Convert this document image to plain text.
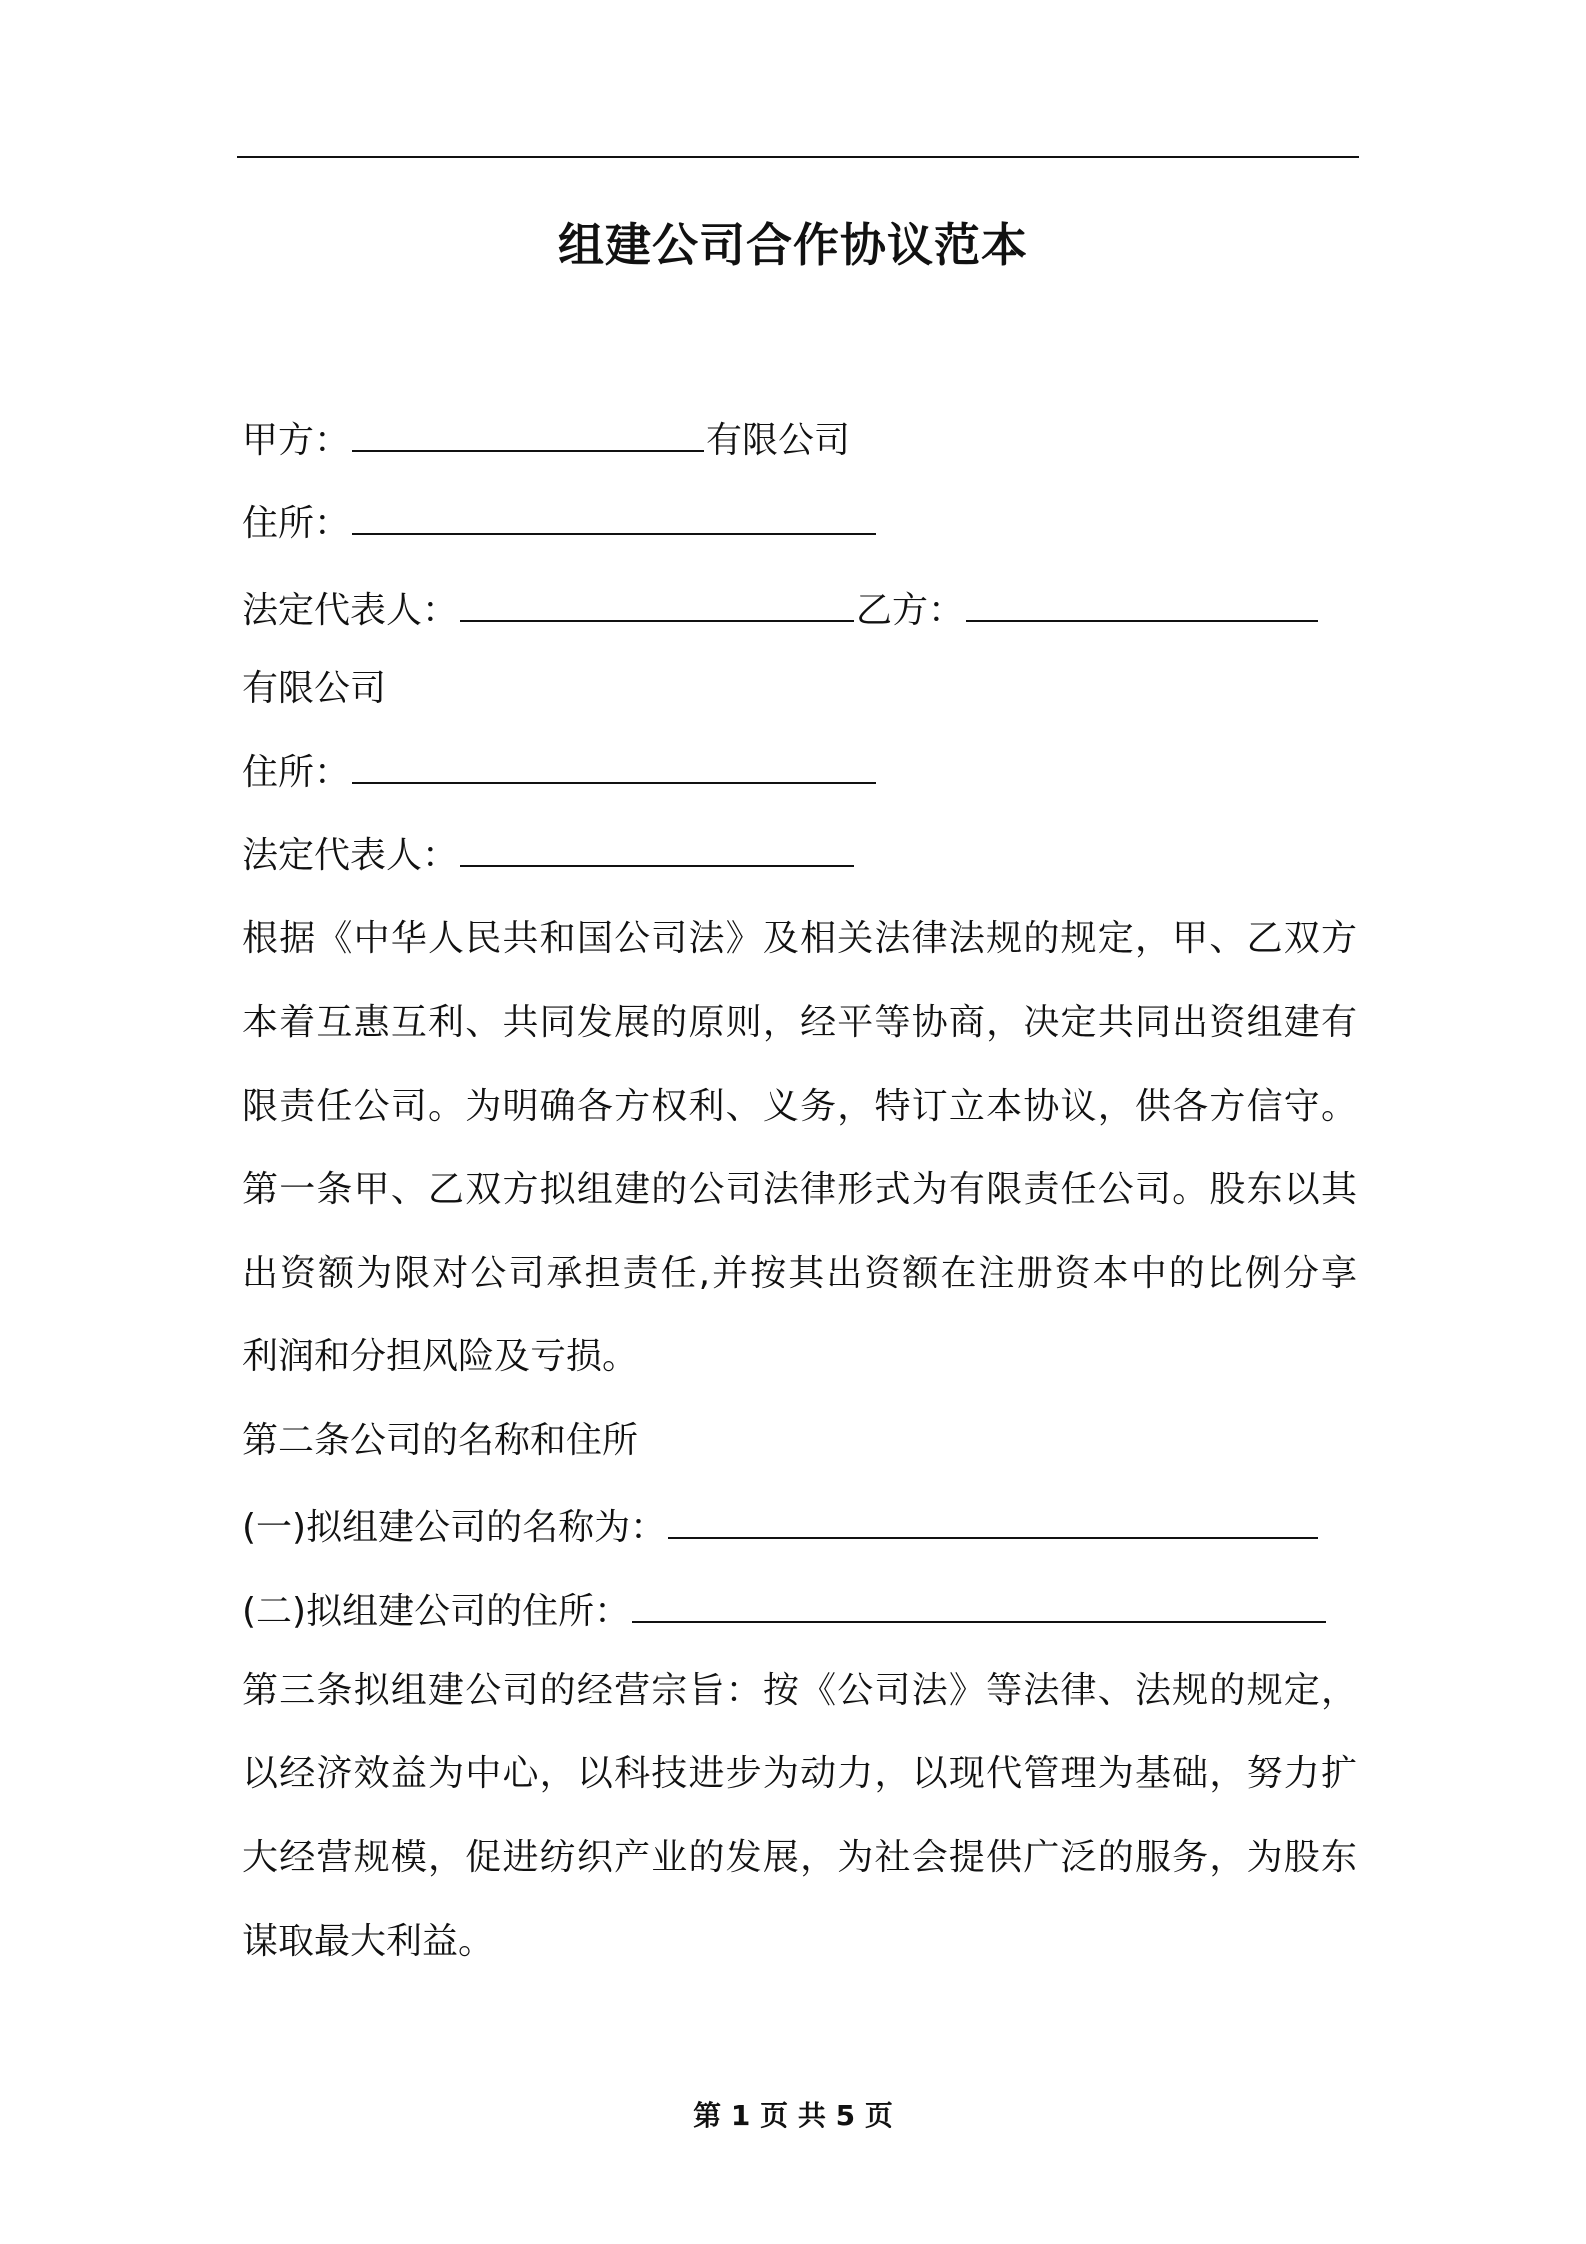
组建公司合作协议范本
甲方：	有限公司
住所：
法定代表人：	乙方：
有限公司
住所：
法定代表人：
根据《中华人民共和国公司法》及相关法律法规的规定，甲、乙双方
本着互惠互利、共同发展的原则，经平等协商，决定共同出资组建有
限责任公司。为明确各方权利、义务，特订立本协议，供各方信守。
第一条甲、乙双方拟组建的公司法律形式为有限责任公司。股东以其
出资额为限对公司承担责任,并按其出资额在注册资本中的比例分享
利润和分担风险及亏损。
第二条公司的名称和住所
(一)拟组建公司的名称为：
(二)拟组建公司的住所：
第三条拟组建公司的经营宗旨：按《公司法》等法律、法规的规定，
以经济效益为中心，以科技进步为动力，以现代管理为基础，努力扩
大经营规模，促进纺织产业的发展，为社会提供广泛的服务，为股东
谋取最大利益。
第 1 页 共 5 页
